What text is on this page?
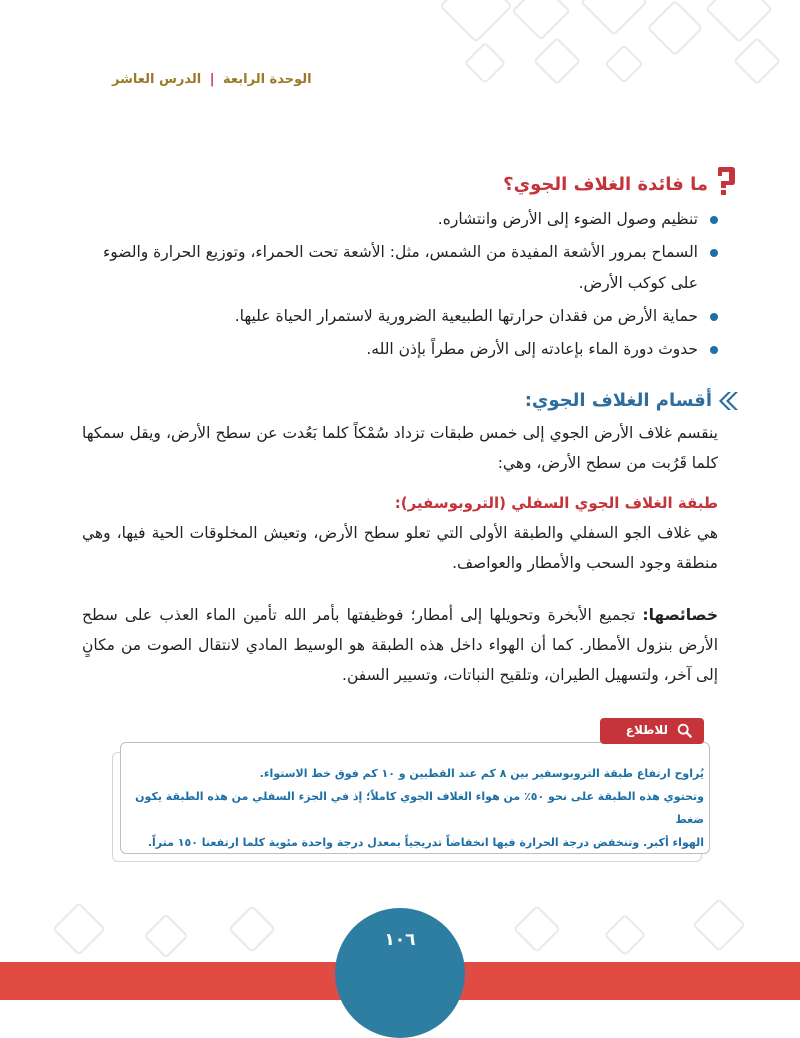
الوحدة الرابعة | الدرس العاشر
ما فائدة الغلاف الجوي؟
تنظيم وصول الضوء إلى الأرض وانتشاره.
السماح بمرور الأشعة المفيدة من الشمس، مثل: الأشعة تحت الحمراء، وتوزيع الحرارة والضوء على كوكب الأرض.
حماية الأرض من فقدان حرارتها الطبيعية الضرورية لاستمرار الحياة عليها.
حدوث دورة الماء بإعادته إلى الأرض مطراً بإذن الله.
أقسام الغلاف الجوي:
ينقسم غلاف الأرض الجوي إلى خمس طبقات تزداد سُمْكاً كلما بَعُدت عن سطح الأرض، ويقل سمكها كلما قَرُبت من سطح الأرض، وهي:
طبقة الغلاف الجوي السفلي (التروبوسفير):
هي غلاف الجو السفلي والطبقة الأولى التي تعلو سطح الأرض، وتعيش المخلوقات الحية فيها، وهي منطقة وجود السحب والأمطار والعواصف.
خصائصها: تجميع الأبخرة وتحويلها إلى أمطار؛ فوظيفتها بأمر الله تأمين الماء العذب على سطح الأرض بنزول الأمطار. كما أن الهواء داخل هذه الطبقة هو الوسيط المادي لانتقال الصوت من مكانٍ إلى آخر، ولتسهيل الطيران، وتلقيح النباتات، وتسيير السفن.
للاطلاع
يُراوح ارتفاع طبقة التروبوسفير بين ٨ كم عند القطبين و ١٠ كم فوق خط الاستواء.
وتحتوي هذه الطبقة على نحو ٥٠٪ من هواء الغلاف الجوي كاملاً؛ إذ في الجزء السفلي من هذه الطبقة يكون ضغط
الهواء أكبر. وتنخفض درجة الحرارة فيها انخفاضاً تدريجياً بمعدل درجة واحدة مئوية كلما ارتفعنا ١٥٠ متراً.
١٠٦
